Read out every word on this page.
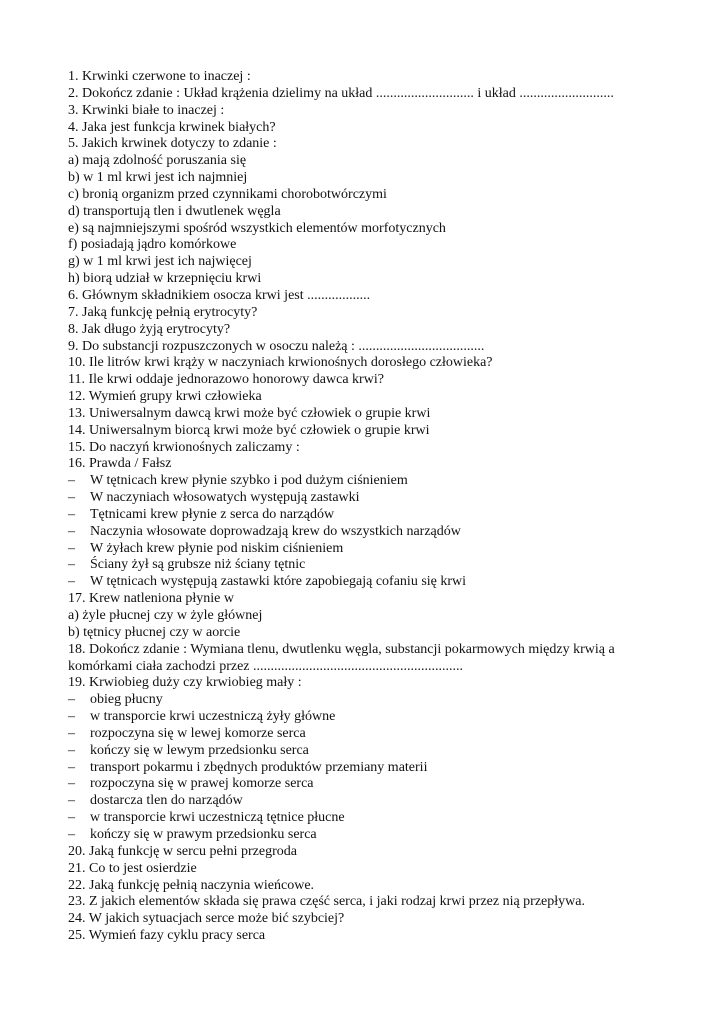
1. Krwinki czerwone to inaczej :
2. Dokończ zdanie : Układ krążenia dzielimy na układ ............................ i układ ...........................
3. Krwinki białe to inaczej :
4. Jaka jest funkcja krwinek białych?
5. Jakich krwinek dotyczy to zdanie :
a) mają zdolność poruszania się
b) w 1 ml krwi jest ich najmniej
c) bronią organizm przed czynnikami chorobotwórczymi
d) transportują tlen i dwutlenek węgla
e) są najmniejszymi spośród wszystkich elementów morfotycznych
f) posiadają jądro komórkowe
g) w 1 ml krwi jest ich najwięcej
h) biorą udział w krzepnięciu krwi
6. Głównym składnikiem osocza krwi jest ..................
7. Jaką funkcję pełnią erytrocyty?
8. Jak długo żyją erytrocyty?
9. Do substancji rozpuszczonych w osoczu należą : ....................................
10. Ile litrów krwi krąży w naczyniach krwionośnych dorosłego człowieka?
11. Ile krwi oddaje jednorazowo honorowy dawca krwi?
12. Wymień grupy krwi człowieka
13. Uniwersalnym dawcą krwi może być człowiek o grupie krwi
14. Uniwersalnym biorcą krwi może być człowiek o grupie krwi
15. Do naczyń krwionośnych zaliczamy :
16. Prawda / Fałsz
–	W tętnicach krew płynie szybko i pod dużym ciśnieniem
–	W naczyniach włosowatych występują zastawki
–	Tętnicami krew płynie z serca do narządów
–	Naczynia włosowate doprowadzają krew do wszystkich narządów
–	W żyłach krew płynie pod niskim ciśnieniem
–	Ściany żył są grubsze niż ściany tętnic
–	W tętnicach występują zastawki które zapobiegają cofaniu się krwi
17. Krew natleniona płynie w
a) żyle płucnej czy w żyle głównej
b) tętnicy płucnej czy w aorcie
18. Dokończ zdanie : Wymiana tlenu, dwutlenku węgla, substancji pokarmowych między krwią a komórkami ciała zachodzi przez ............................................................
19. Krwiobieg duży czy krwiobieg mały :
–	obieg płucny
–	w transporcie krwi uczestniczą żyły główne
–	rozpoczyna się w lewej komorze serca
–	kończy się w lewym przedsionku serca
–	transport pokarmu i zbędnych produktów przemiany materii
–	rozpoczyna się w prawej komorze serca
–	dostarcza tlen do narządów
–	w transporcie krwi uczestniczą tętnice płucne
–	kończy się w prawym przedsionku serca
20. Jaką funkcję w sercu pełni przegroda
21. Co to jest osierdzie
22. Jaką funkcję pełnią naczynia wieńcowe.
23. Z jakich elementów składa się prawa część serca, i jaki rodzaj krwi przez nią przepływa.
24. W jakich sytuacjach serce może bić szybciej?
25. Wymień fazy cyklu pracy serca
